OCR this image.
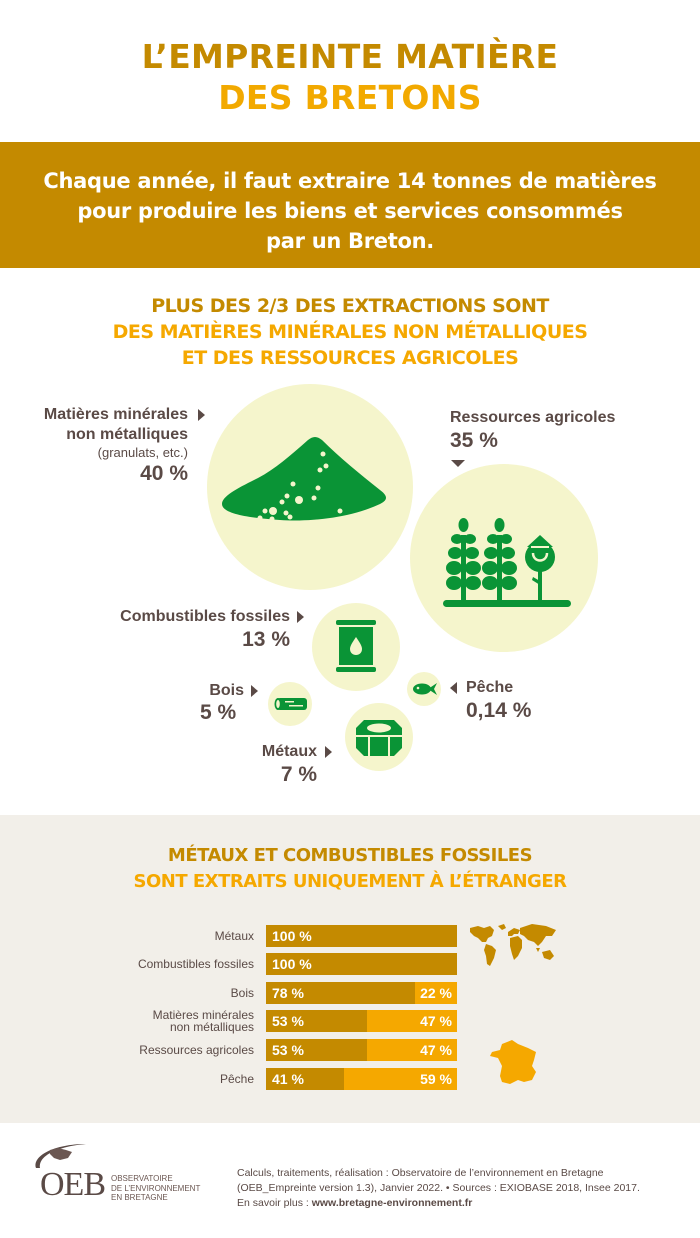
L’EMPREINTE MATIÈRE
DES BRETONS
Chaque année, il faut extraire 14 tonnes de matières
pour produire les biens et services consommés
par un Breton.
PLUS DES 2/3 DES EXTRACTIONS SONT
DES MATIÈRES MINÉRALES NON MÉTALLIQUES
ET DES RESSOURCES AGRICOLES
Matières minérales
non métalliques
(granulats, etc.)
40 %
Ressources agricoles
35 %
Combustibles fossiles
13 %
Bois
5 %
Pêche
0,14 %
Métaux
7 %
MÉTAUX ET COMBUSTIBLES FOSSILES
SONT EXTRAITS UNIQUEMENT À L’ÉTRANGER
Métaux 100 %
Combustibles fossiles 100 %
Bois 78 %	22 %
Matières minérales
non métalliques 53 %	47 %
Ressources agricoles 53 %	47 %
Pêche 41 %	59 %
OEB OBSERVATOIRE
DE L’ENVIRONNEMENT
EN BRETAGNE
Calculs, traitements, réalisation : Observatoire de l’environnement en Bretagne
(OEB_Empreinte version 1.3), Janvier 2022. • Sources : EXIOBASE 2018, Insee 2017.
En savoir plus : www.bretagne-environnement.fr
